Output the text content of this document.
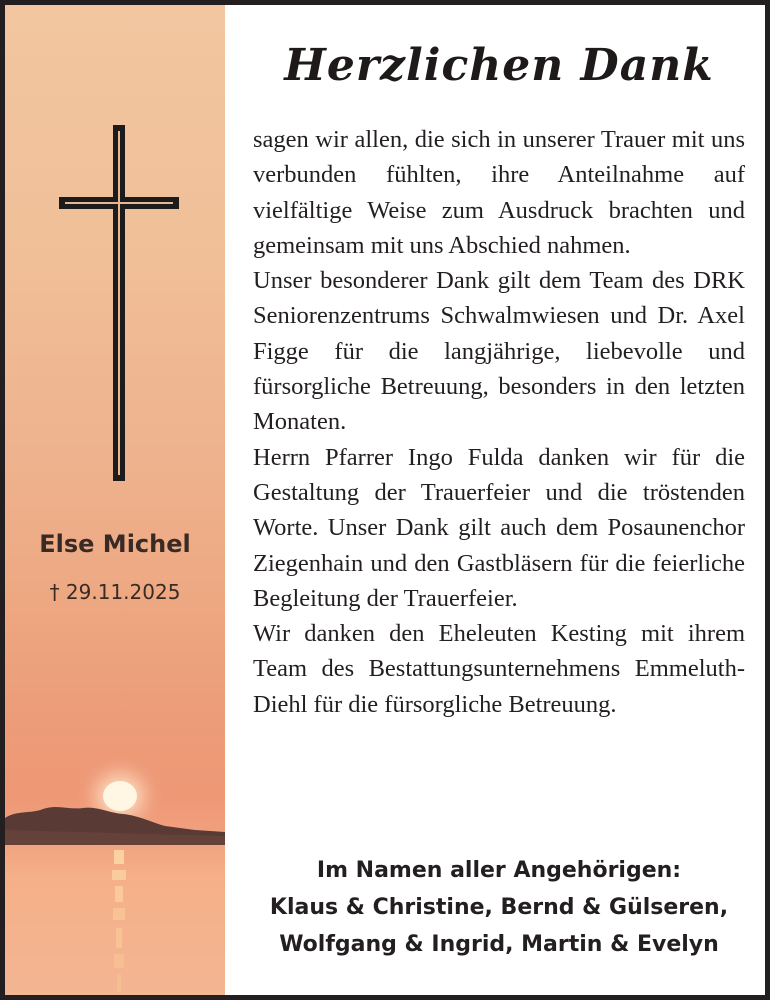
Else Michel
† 29.11.2025
Herzlichen Dank

sagen wir allen, die sich in unserer Trauer mit uns verbunden fühlten, ihre Anteilnahme auf vielfältige Weise zum Ausdruck brachten und gemeinsam mit uns Abschied nahmen.

Unser besonderer Dank gilt dem Team des DRK Seniorenzentrums Schwalmwiesen und Dr. Axel Figge für die langjährige, liebevolle und fürsorgliche Betreuung, besonders in den letzten Monaten.

Herrn Pfarrer Ingo Fulda danken wir für die Gestaltung der Trauerfeier und die tröstenden Worte. Unser Dank gilt auch dem Posaunenchor Ziegenhain und den Gastbläsern für die feierliche Begleitung der Trauerfeier.

Wir danken den Eheleuten Kesting mit ihrem Team des Bestattungsunternehmens Emmeluth-Diehl für die fürsorgliche Betreuung.

Im Namen aller Angehörigen:
Klaus & Christine, Bernd & Gülseren,
Wolfgang & Ingrid, Martin & Evelyn
